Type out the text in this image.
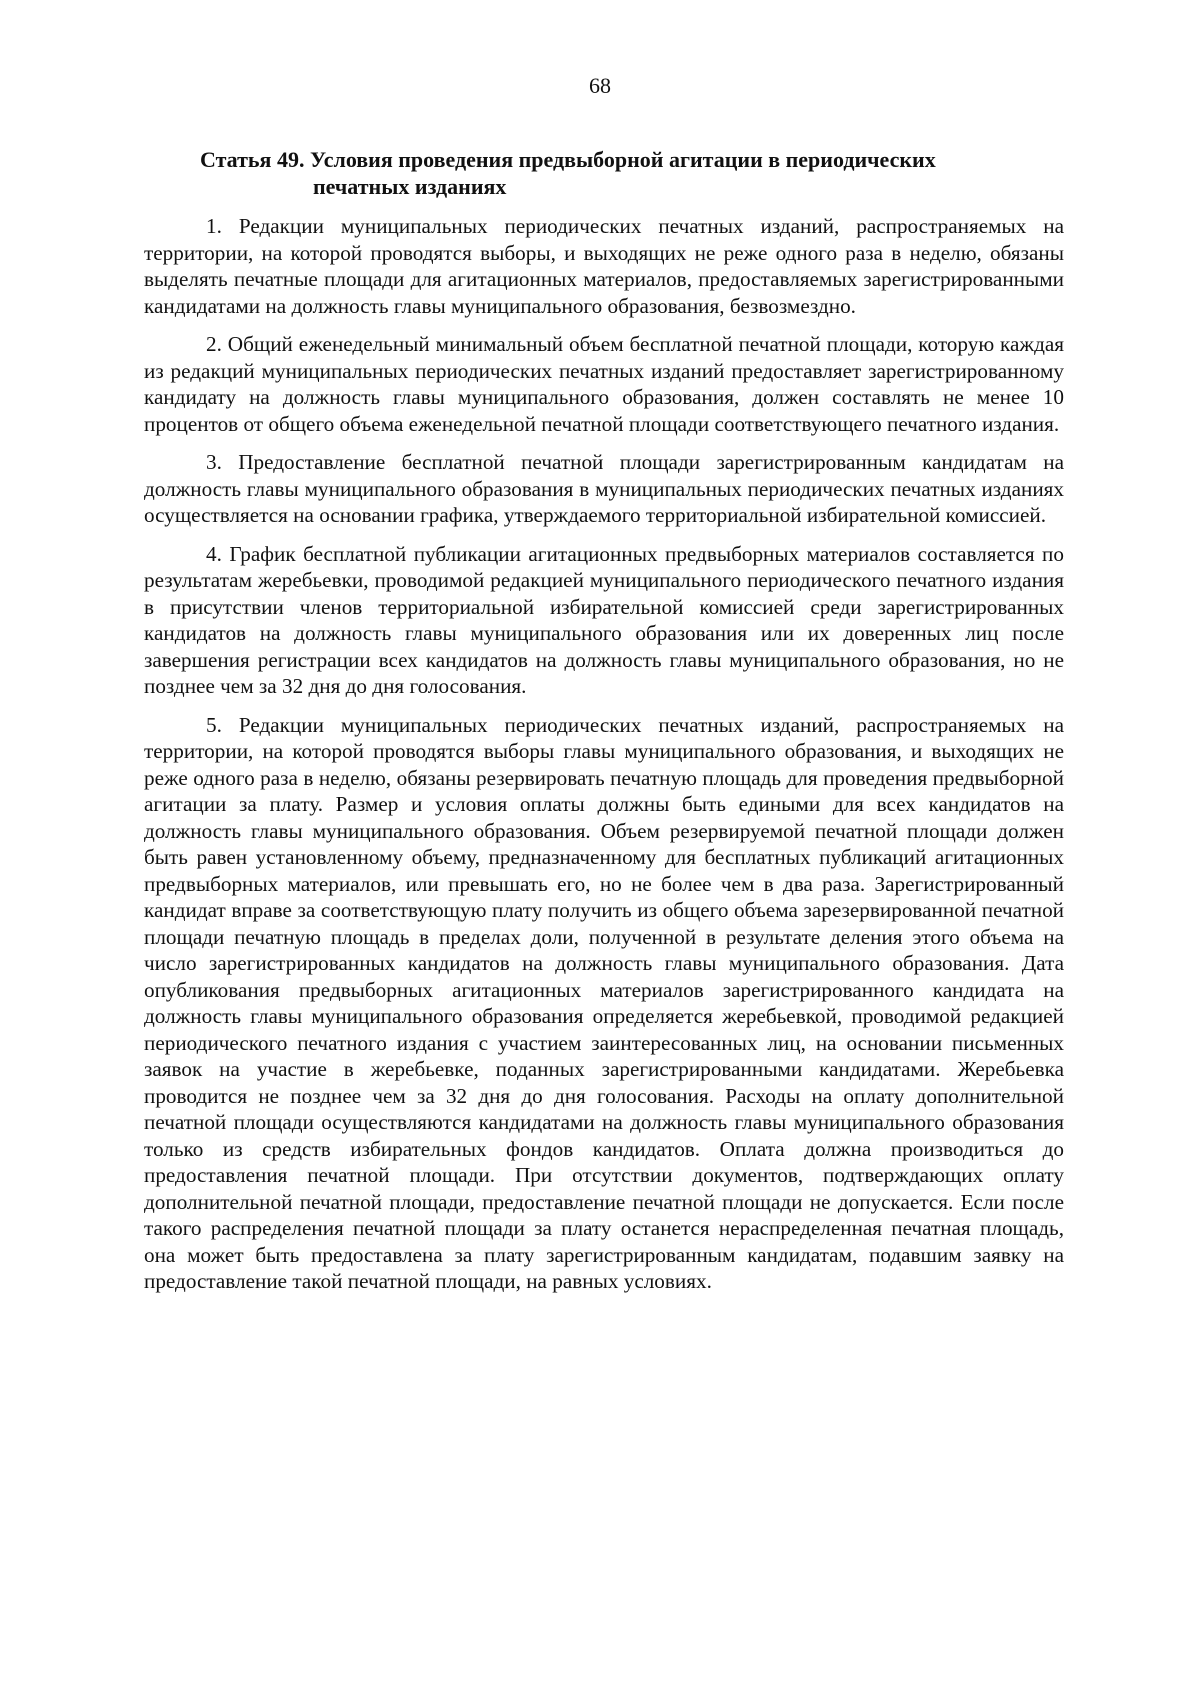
68
Статья 49. Условия проведения предвыборной агитации в периодических
печатных изданиях

1. Редакции муниципальных периодических печатных изданий, распространяемых на территории, на которой проводятся выборы, и выходящих не реже одного раза в неделю, обязаны выделять печатные площади для агитационных материалов, предоставляемых зарегистрированными кандидатами на должность главы муниципального образования, безвозмездно.

2. Общий еженедельный минимальный объем бесплатной печатной площади, которую каждая из редакций муниципальных периодических печатных изданий предоставляет зарегистрированному кандидату на должность главы муниципального образования, должен составлять не менее 10 процентов от общего объема еженедельной печатной площади соответствующего печатного издания.

3. Предоставление бесплатной печатной площади зарегистрированным кандидатам на должность главы муниципального образования в муниципальных периодических печатных изданиях осуществляется на основании графика, утверждаемого территориальной избирательной комиссией.

4. График бесплатной публикации агитационных предвыборных материалов составляется по результатам жеребьевки, проводимой редакцией муниципального периодического печатного издания в присутствии членов территориальной избирательной комиссией среди зарегистрированных кандидатов на должность главы муниципального образования или их доверенных лиц после завершения регистрации всех кандидатов на должность главы муниципального образования, но не позднее чем за 32 дня до дня голосования.

5. Редакции муниципальных периодических печатных изданий, распространяемых на территории, на которой проводятся выборы главы муниципального образования, и выходящих не реже одного раза в неделю, обязаны резервировать печатную площадь для проведения предвыборной агитации за плату. Размер и условия оплаты должны быть едиными для всех кандидатов на должность главы муниципального образования. Объем резервируемой печатной площади должен быть равен установленному объему, предназначенному для бесплатных публикаций агитационных предвыборных материалов, или превышать его, но не более чем в два раза. Зарегистрированный кандидат вправе за соответствующую плату получить из общего объема зарезервированной печатной площади печатную площадь в пределах доли, полученной в результате деления этого объема на число зарегистрированных кандидатов на должность главы муниципального образования. Дата опубликования предвыборных агитационных материалов зарегистрированного кандидата на должность главы муниципального образования определяется жеребьевкой, проводимой редакцией периодического печатного издания с участием заинтересованных лиц, на основании письменных заявок на участие в жеребьевке, поданных зарегистрированными кандидатами. Жеребьевка проводится не позднее чем за 32 дня до дня голосования. Расходы на оплату дополнительной печатной площади осуществляются кандидатами на должность главы муниципального образования только из средств избирательных фондов кандидатов. Оплата должна производиться до предоставления печатной площади. При отсутствии документов, подтверждающих оплату дополнительной печатной площади, предоставление печатной площади не допускается. Если после такого распределения печатной площади за плату останется нераспределенная печатная площадь, она может быть предоставлена за плату зарегистрированным кандидатам, подавшим заявку на предоставление такой печатной площади, на равных условиях.
